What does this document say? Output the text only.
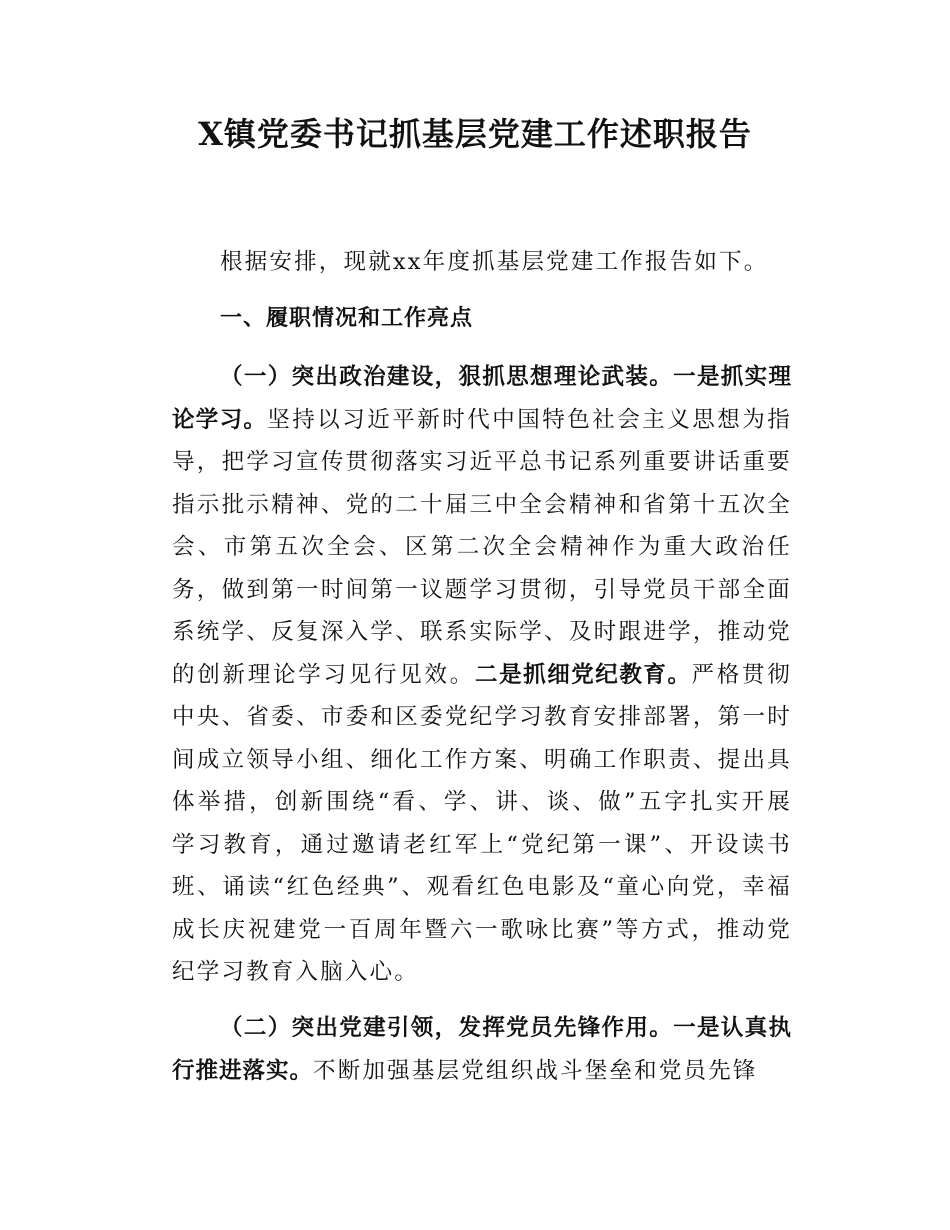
X镇党委书记抓基层党建工作述职报告

根据安排，现就xx年度抓基层党建工作报告如下。

一、履职情况和工作亮点

（一）突出政治建设，狠抓思想理论武装。一是抓实理论学习。坚持以习近平新时代中国特色社会主义思想为指导，把学习宣传贯彻落实习近平总书记系列重要讲话重要指示批示精神、党的二十届三中全会精神和省第十五次全会、市第五次全会、区第二次全会精神作为重大政治任务，做到第一时间第一议题学习贯彻，引导党员干部全面系统学、反复深入学、联系实际学、及时跟进学，推动党的创新理论学习见行见效。二是抓细党纪教育。严格贯彻中央、省委、市委和区委党纪学习教育安排部署，第一时间成立领导小组、细化工作方案、明确工作职责、提出具体举措，创新围绕“看、学、讲、谈、做”五字扎实开展学习教育，通过邀请老红军上“党纪第一课”、开设读书班、诵读“红色经典”、观看红色电影及“童心向党，幸福成长庆祝建党一百周年暨六一歌咏比赛”等方式，推动党纪学习教育入脑入心。

（二）突出党建引领，发挥党员先锋作用。一是认真执行推进落实。不断加强基层党组织战斗堡垒和党员先锋
